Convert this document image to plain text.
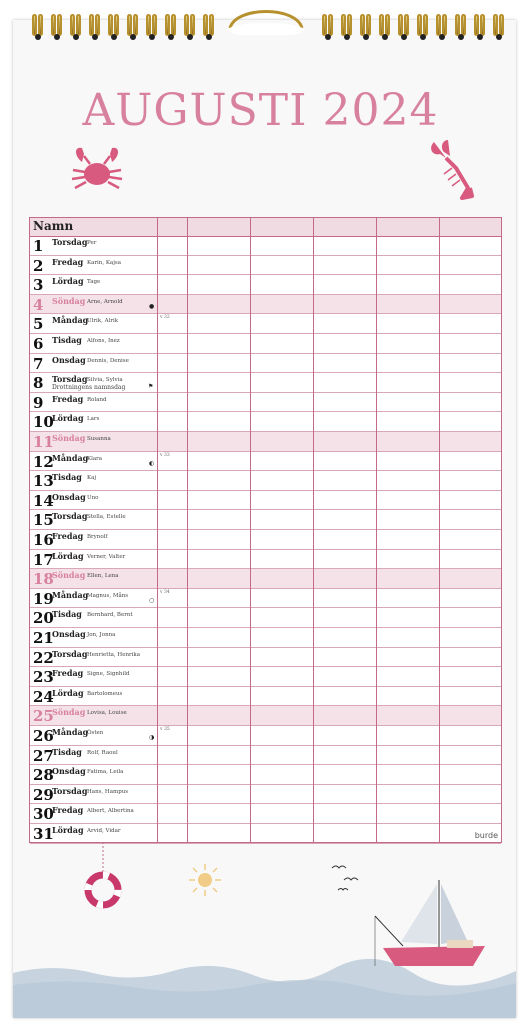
AUGUSTI 2024
Namn
burde
1 Torsdag Per
2 Fredag Karin, Kajsa
3 Lördag Tage
4 Söndag Arne, Arnold
●
5 Måndag
Ulrik, Alrik
v 32
6 Tisdag Alfons, Inez
7 Onsdag Dennis, Denise
8 Torsdag Silvia, Sylvia
Drottningens namnsdag	⚑
9 Fredag Roland
10
Lördag Lars
11
Söndag Susanna
12
Måndag
Klara
v 33
◐
13
Tisdag Kaj
14
Onsdag Uno
15
Torsdag Stella, Estelle
16
Fredag Brynolf
17
Lördag Verner, Valter
18
Söndag Ellen, Lena
19
Måndag
Magnus, Måns
v 34
○
20
Tisdag Bernhard, Bernt
21
Onsdag Jon, Jonna
22
Torsdag Henrietta, Henrika
23
Fredag Signe, Signhild
24
Lördag Bartolomeus
25
Söndag Lovisa, Louise
26
Måndag
Östen
v 35
◑
27
Tisdag Rolf, Raoul
28
Onsdag Fatima, Leila
29
Torsdag Hans, Hampus
30
Fredag Albert, Albertina
31
Lördag Arvid, Vidar
